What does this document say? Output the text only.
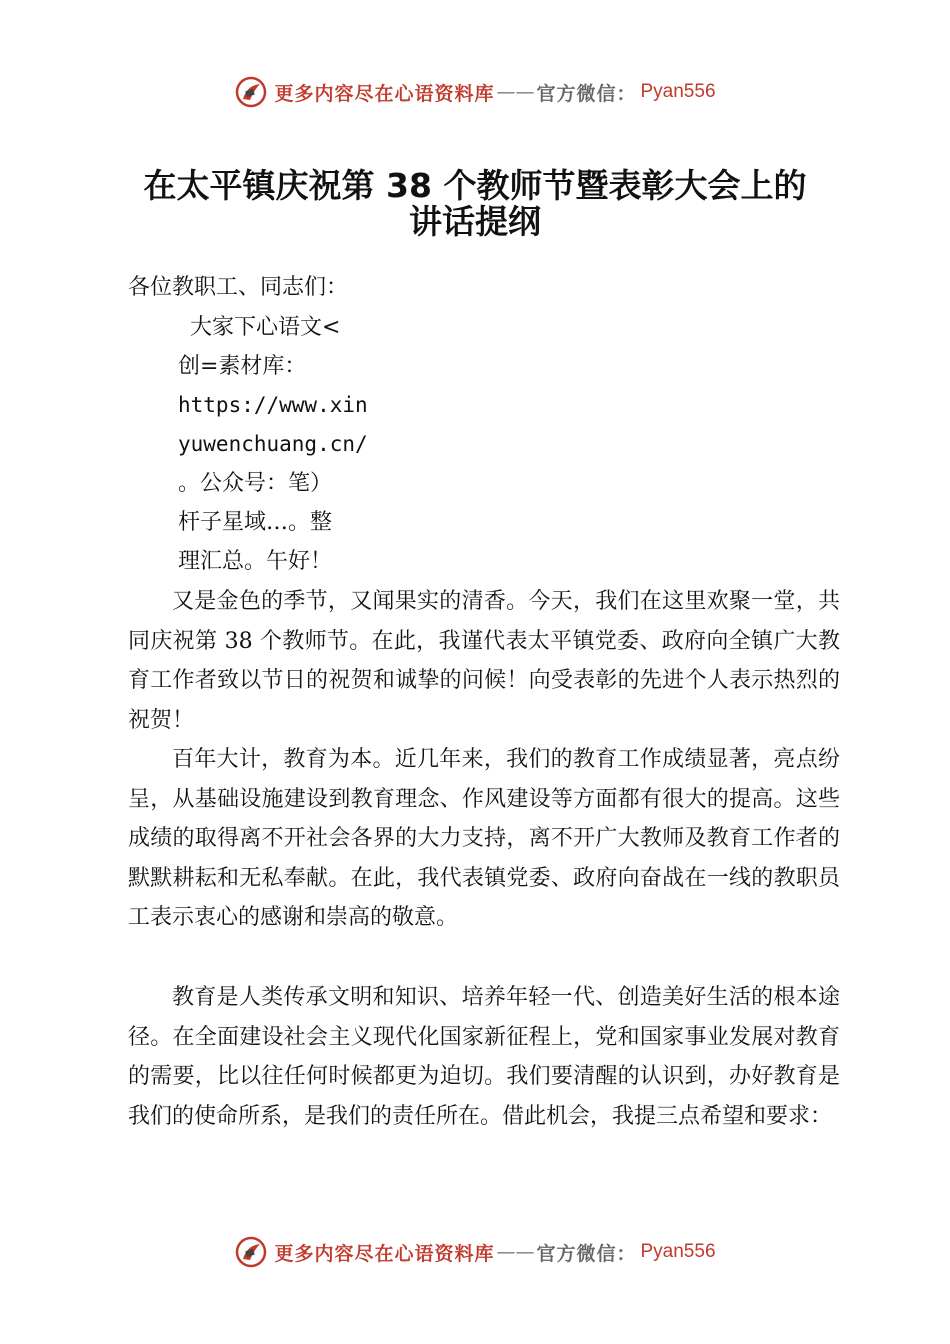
更多内容尽在心语资料库 —— 官方微信： Pyan556
在太平镇庆祝第 38 个教师节暨表彰大会上的
讲话提纲

各位教职工、同志们：

大家下心语文<
创=素材库：
https://www.xin
yuwenchuang.cn/
。公众号：笔）
杆子星域…。整
理汇总。午好！

又是金色的季节，又闻果实的清香。今天，我们在这里欢聚一堂，共同庆祝第 38 个教师节。在此，我谨代表太平镇党委、政府向全镇广大教育工作者致以节日的祝贺和诚挚的问候！向受表彰的先进个人表示热烈的祝贺！

百年大计，教育为本。近几年来，我们的教育工作成绩显著，亮点纷呈，从基础设施建设到教育理念、作风建设等方面都有很大的提高。这些成绩的取得离不开社会各界的大力支持，离不开广大教师及教育工作者的默默耕耘和无私奉献。在此，我代表镇党委、政府向奋战在一线的教职员工表示衷心的感谢和崇高的敬意。

教育是人类传承文明和知识、培养年轻一代、创造美好生活的根本途径。在全面建设社会主义现代化国家新征程上，党和国家事业发展对教育的需要，比以往任何时候都更为迫切。我们要清醒的认识到，办好教育是我们的使命所系，是我们的责任所在。借此机会，我提三点希望和要求：

更多内容尽在心语资料库 —— 官方微信： Pyan556
